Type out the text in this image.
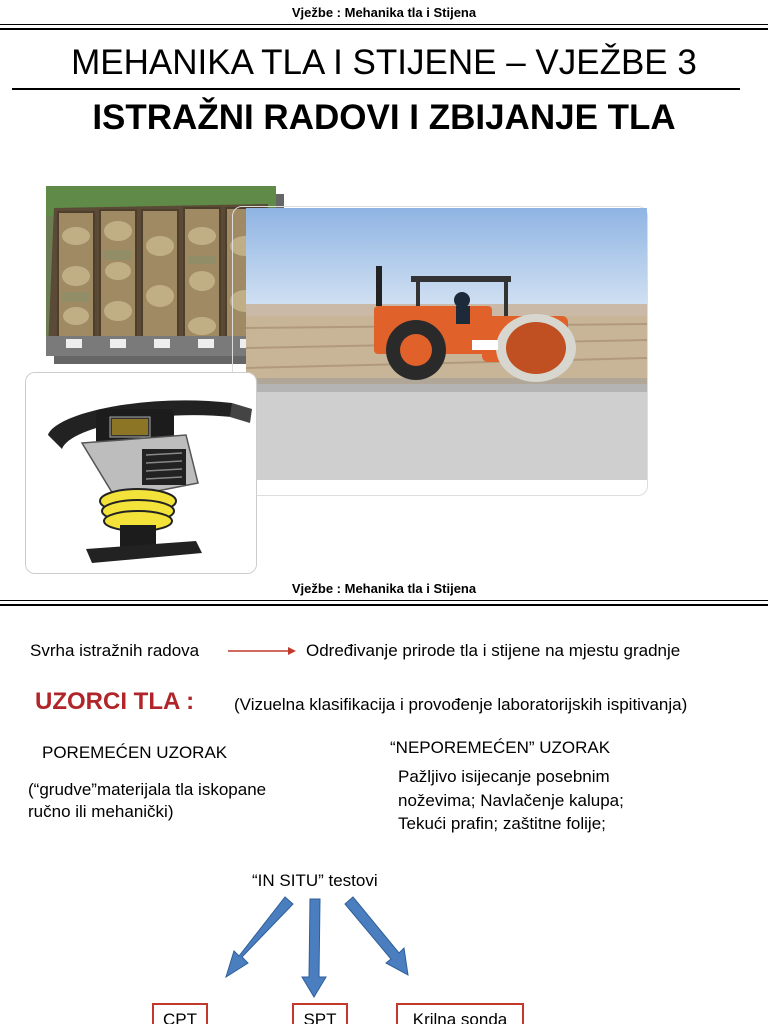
Vježbe : Mehanika tla i Stijena
MEHANIKA TLA I STIJENE – VJEŽBE 3
ISTRAŽNI RADOVI I ZBIJANJE TLA
Vježbe : Mehanika tla i Stijena
Svrha istražnih radova	Određivanje prirode tla i stijene na mjestu gradnje
UZORCI TLA : (Vizuelna klasifikacija i provođenje laboratorijskih ispitivanja)
POREMEĆEN UZORAK
(“grudve”materijala tla iskopane
ručno ili mehanički)
“NEPOREMEĆEN” UZORAK
Pažljivo isijecanje posebnim
noževima; Navlačenje kalupa;
Tekući prafin; zaštitne folije;
“IN SITU” testovi
CPT	SPT	Krilna sonda
